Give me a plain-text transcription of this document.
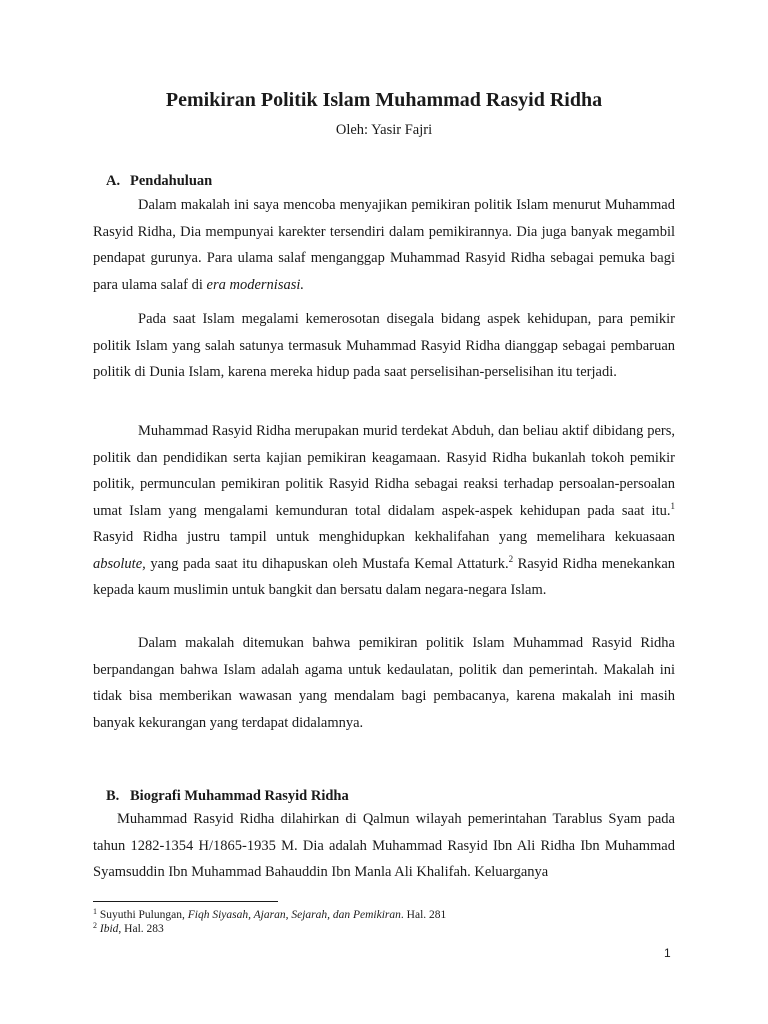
Pemikiran Politik Islam Muhammad Rasyid Ridha
Oleh: Yasir Fajri
A. Pendahuluan

Dalam makalah ini saya mencoba menyajikan pemikiran politik Islam menurut Muhammad Rasyid Ridha, Dia mempunyai karekter tersendiri dalam pemikirannya. Dia juga banyak megambil pendapat gurunya. Para ulama salaf menganggap Muhammad Rasyid Ridha sebagai pemuka bagi para ulama salaf di era modernisasi.

Pada saat Islam megalami kemerosotan disegala bidang aspek kehidupan, para pemikir politik Islam yang salah satunya termasuk Muhammad Rasyid Ridha dianggap sebagai pembaruan politik di Dunia Islam, karena mereka hidup pada saat perselisihan-perselisihan itu terjadi.

Muhammad Rasyid Ridha merupakan murid terdekat Abduh, dan beliau aktif dibidang pers, politik dan pendidikan serta kajian pemikiran keagamaan. Rasyid Ridha bukanlah tokoh pemikir politik, permunculan pemikiran politik Rasyid Ridha sebagai reaksi terhadap persoalan-persoalan umat Islam yang mengalami kemunduran total didalam aspek-aspek kehidupan pada saat itu.$^1$ Rasyid Ridha justru tampil untuk menghidupkan kekhalifahan yang memelihara kekuasaan absolute, yang pada saat itu dihapuskan oleh Mustafa Kemal Attaturk.$^2$ Rasyid Ridha menekankan kepada kaum muslimin untuk bangkit dan bersatu dalam negara-negara Islam.

Dalam makalah ditemukan bahwa pemikiran politik Islam Muhammad Rasyid Ridha berpandangan bahwa Islam adalah agama untuk kedaulatan, politik dan pemerintah. Makalah ini tidak bisa memberikan wawasan yang mendalam bagi pembacanya, karena makalah ini masih banyak kekurangan yang terdapat didalamnya.

B. Biografi Muhammad Rasyid Ridha

Muhammad Rasyid Ridha dilahirkan di Qalmun wilayah pemerintahan Tarablus Syam pada tahun 1282-1354 H/1865-1935 M. Dia adalah Muhammad Rasyid Ibn Ali Ridha Ibn Muhammad Syamsuddin Ibn Muhammad Bahauddin Ibn Manla Ali Khalifah. Keluarganya

$^1$ Suyuthi Pulungan, Fiqh Siyasah, Ajaran, Sejarah, dan Pemikiran. Hal. 281
$^2$ Ibid, Hal. 283
1
